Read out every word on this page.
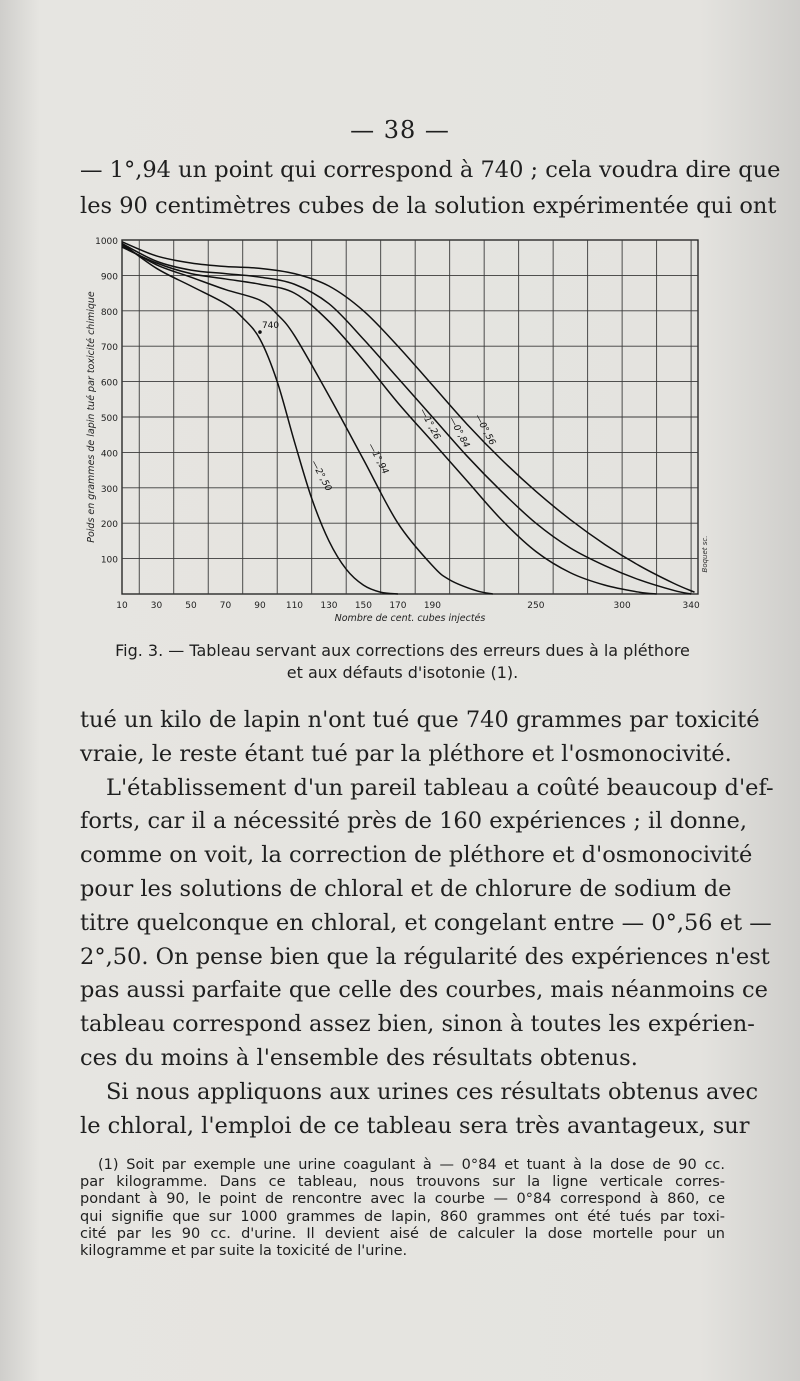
— 38 —
— 1°,94 un point qui correspond à 740 ; cela voudra dire que
les 90 centimètres cubes de la solution expérimentée qui ont
1000
900
800
700
600
500
400
300
200
100
10	30	50	70	90 110 130 150 170 190	250	300	340
Poids en grammes de lapin tué par toxicité chimique
Nombre de cent. cubes injectés
Boquet sc.
—2°,50	—1°,94
—1°,26 —0°,84 —0°,56
740
Fig. 3. — Tableau servant aux corrections des erreurs dues à la pléthore
et aux défauts d'isotonie (1).
tué un kilo de lapin n'ont tué que 740 grammes par toxicité
vraie, le reste étant tué par la pléthore et l'osmonocivité.
L'établissement d'un pareil tableau a coûté beaucoup d'ef-
forts, car il a nécessité près de 160 expériences ; il donne,
comme on voit, la correction de pléthore et d'osmonocivité
pour les solutions de chloral et de chlorure de sodium de
titre quelconque en chloral, et congelant entre — 0°,56 et —
2°,50. On pense bien que la régularité des expériences n'est
pas aussi parfaite que celle des courbes, mais néanmoins ce
tableau correspond assez bien, sinon à toutes les expérien-
ces du moins à l'ensemble des résultats obtenus.
Si nous appliquons aux urines ces résultats obtenus avec
le chloral, l'emploi de ce tableau sera très avantageux, sur
(1) Soit par exemple une urine coagulant à — 0°84 et tuant à la dose de 90 cc.
par kilogramme. Dans ce tableau, nous trouvons sur la ligne verticale corres-
pondant à 90, le point de rencontre avec la courbe — 0°84 correspond à 860, ce
qui signifie que sur 1000 grammes de lapin, 860 grammes ont été tués par toxi-
cité par les 90 cc. d'urine. Il devient aisé de calculer la dose mortelle pour un
kilogramme et par suite la toxicité de l'urine.
